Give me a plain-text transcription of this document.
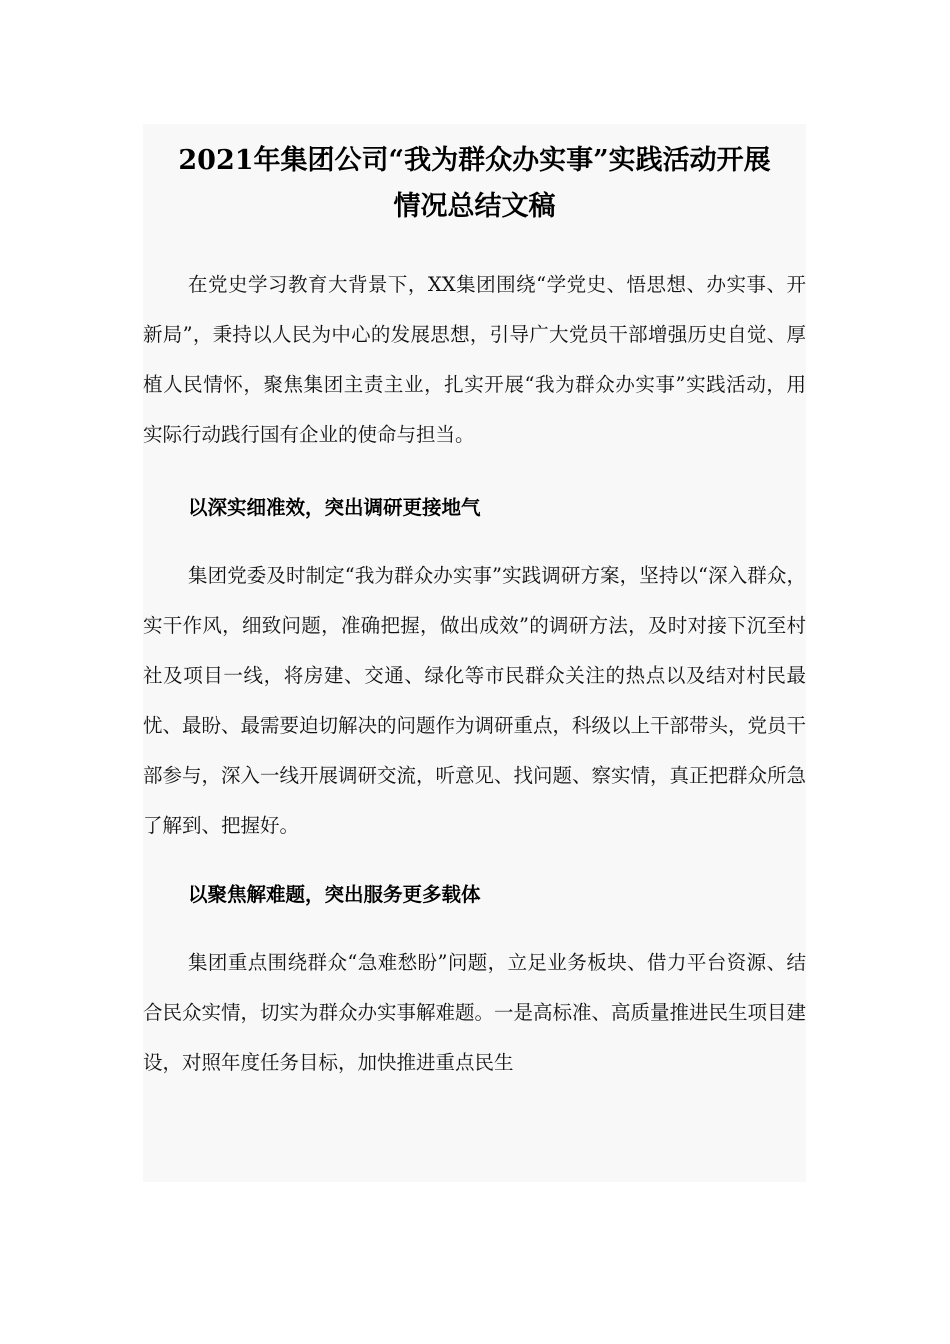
2021年集团公司“我为群众办实事”实践活动开展
情况总结文稿

在党史学习教育大背景下，XX集团围绕“学党史、悟思想、办实事、开新局”，秉持以人民为中心的发展思想，引导广大党员干部增强历史自觉、厚植人民情怀，聚焦集团主责主业，扎实开展“我为群众办实事”实践活动，用实际行动践行国有企业的使命与担当。

以深实细准效，突出调研更接地气

集团党委及时制定“我为群众办实事”实践调研方案，坚持以“深入群众，实干作风，细致问题，准确把握，做出成效”的调研方法，及时对接下沉至村社及项目一线，将房建、交通、绿化等市民群众关注的热点以及结对村民最忧、最盼、最需要迫切解决的问题作为调研重点，科级以上干部带头，党员干部参与，深入一线开展调研交流，听意见、找问题、察实情，真正把群众所急了解到、把握好。

以聚焦解难题，突出服务更多载体

集团重点围绕群众“急难愁盼”问题，立足业务板块、借力平台资源、结合民众实情，切实为群众办实事解难题。一是高标准、高质量推进民生项目建设，对照年度任务目标，加快推进重点民生
